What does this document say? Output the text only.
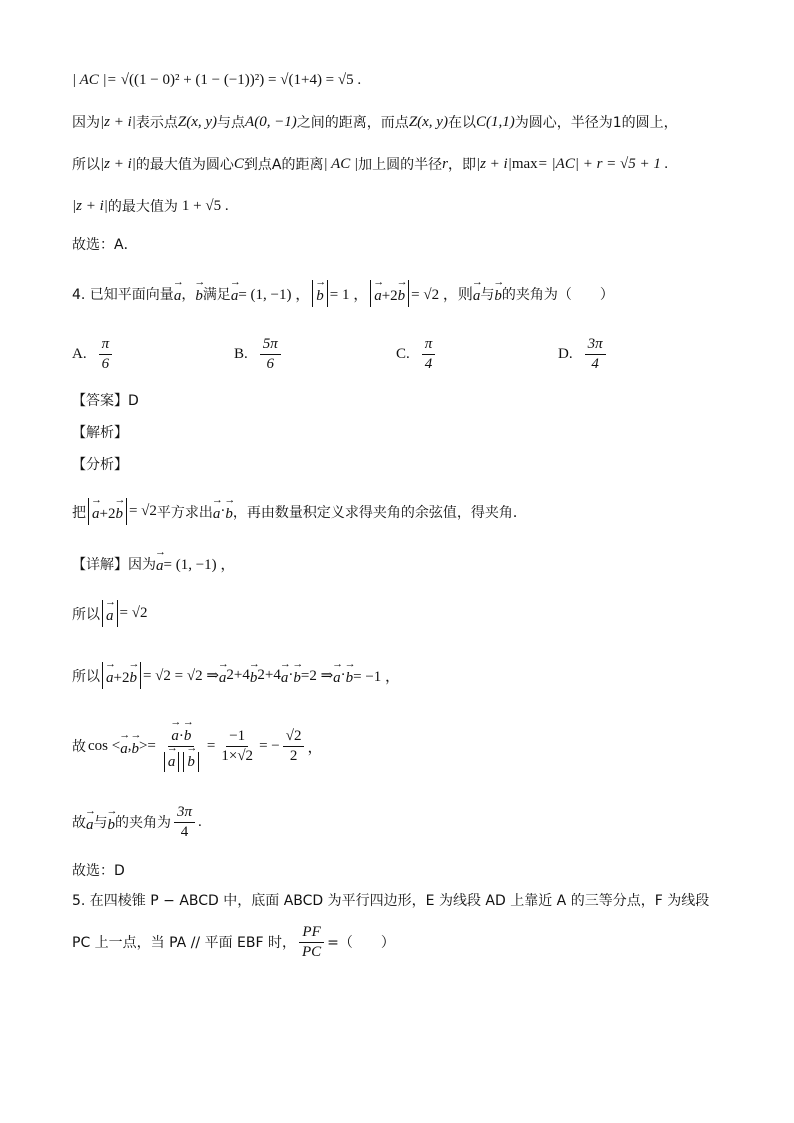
| AC |= √((1 − 0)² + (1 − (−1))²) = √(1+4) = √5 .
因为 |z + i| 表示点 Z(x, y) 与点 A(0, −1) 之间的距离，而点 Z(x, y) 在以 C(1,1) 为圆心，半径为1的圆上，
所以 |z + i| 的最大值为圆心 C 到点A的距离 | AC | 加上圆的半径 r ，即 |z + i| max = |AC| + r = √5 + 1 .
|z + i| 的最大值为 1 + √5 .
故选：A．
4. 已知平面向量 → a ， → b 满足 → a = (1, −1) ， → b = 1 ， → a+2→ b = √2 ，则 → a 与 → b 的夹角为（　　）
A. $\frac{\pi}{6}$	B. $\frac{5\pi}{6}$	C. $\frac{\pi}{4}$	D. $\frac{3\pi}{4}$
【答案】D
【解析】
【分析】
把 → a+2→ b = √2 平方求出 → a · → b ，再由数量积定义求得夹角的余弦值，得夹角．
【详解】因为 → a = (1, −1) ，
所以 → a = √2
所以 → a+2→ b = √2 = √2 ⇒ → a 2 +4 → b 2 +4 → a · → b =2 ⇒ → a · → b = −1 ，
故 cos < → a , → b >= → a·→ b
→ $a \to b = \frac{-1}{1\times√2}$ = − $\frac{√2}{2}$ ，
故 → a 与 → b 的夹角为 $\frac{3\pi}{4}$ .
故选：D
5. 在四棱锥 P − ABCD 中，底面 ABCD 为平行四边形，E 为线段 AD 上靠近 A 的三等分点，F 为线段
PC 上一点，当 PA // 平面 EBF 时， $\frac{PF}{PC}$ =（　　）
